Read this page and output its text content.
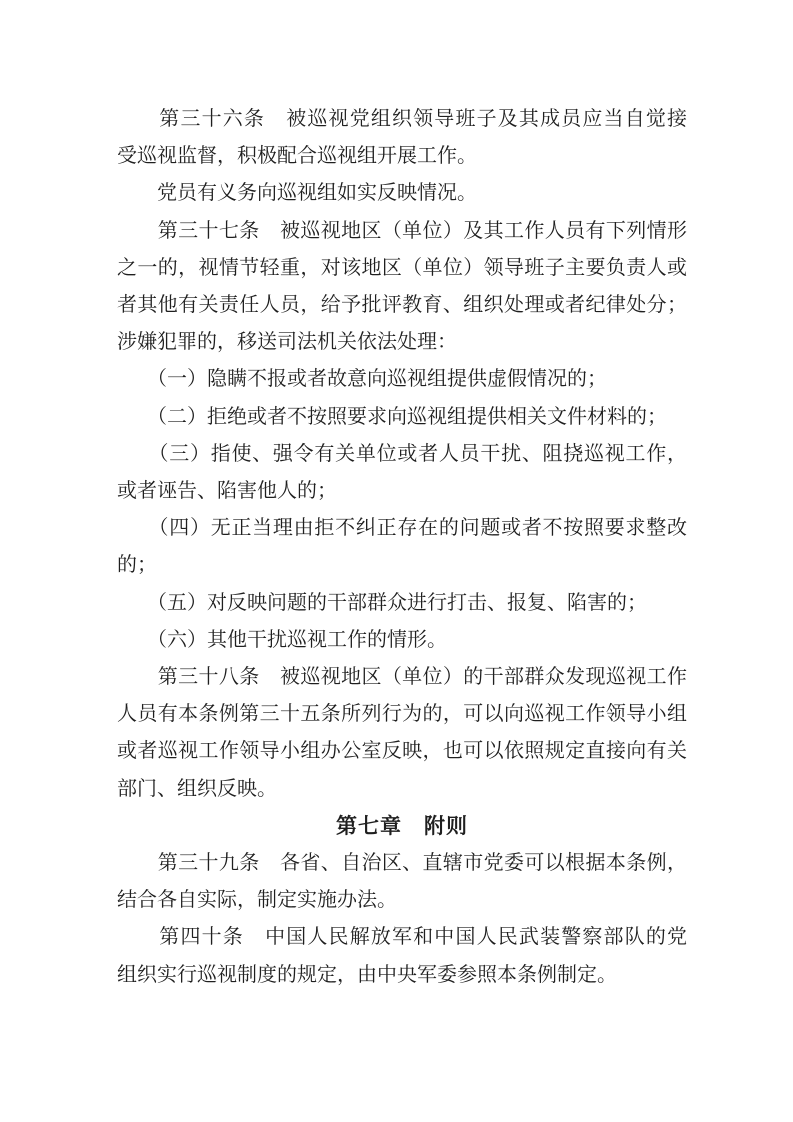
　　第三十六条　被巡视党组织领导班子及其成员应当自觉接
受巡视监督，积极配合巡视组开展工作。
　　党员有义务向巡视组如实反映情况。
　　第三十七条　被巡视地区（单位）及其工作人员有下列情形
之一的，视情节轻重，对该地区（单位）领导班子主要负责人或
者其他有关责任人员，给予批评教育、组织处理或者纪律处分；
涉嫌犯罪的，移送司法机关依法处理：
　　（一）隐瞒不报或者故意向巡视组提供虚假情况的；
　　（二）拒绝或者不按照要求向巡视组提供相关文件材料的；
　　（三）指使、强令有关单位或者人员干扰、阻挠巡视工作，
或者诬告、陷害他人的；
　　（四）无正当理由拒不纠正存在的问题或者不按照要求整改
的；
　　（五）对反映问题的干部群众进行打击、报复、陷害的；
　　（六）其他干扰巡视工作的情形。
　　第三十八条　被巡视地区（单位）的干部群众发现巡视工作
人员有本条例第三十五条所列行为的，可以向巡视工作领导小组
或者巡视工作领导小组办公室反映，也可以依照规定直接向有关
部门、组织反映。
第七章　附则
　　第三十九条　各省、自治区、直辖市党委可以根据本条例，
结合各自实际，制定实施办法。
　　第四十条　中国人民解放军和中国人民武装警察部队的党
组织实行巡视制度的规定，由中央军委参照本条例制定。
